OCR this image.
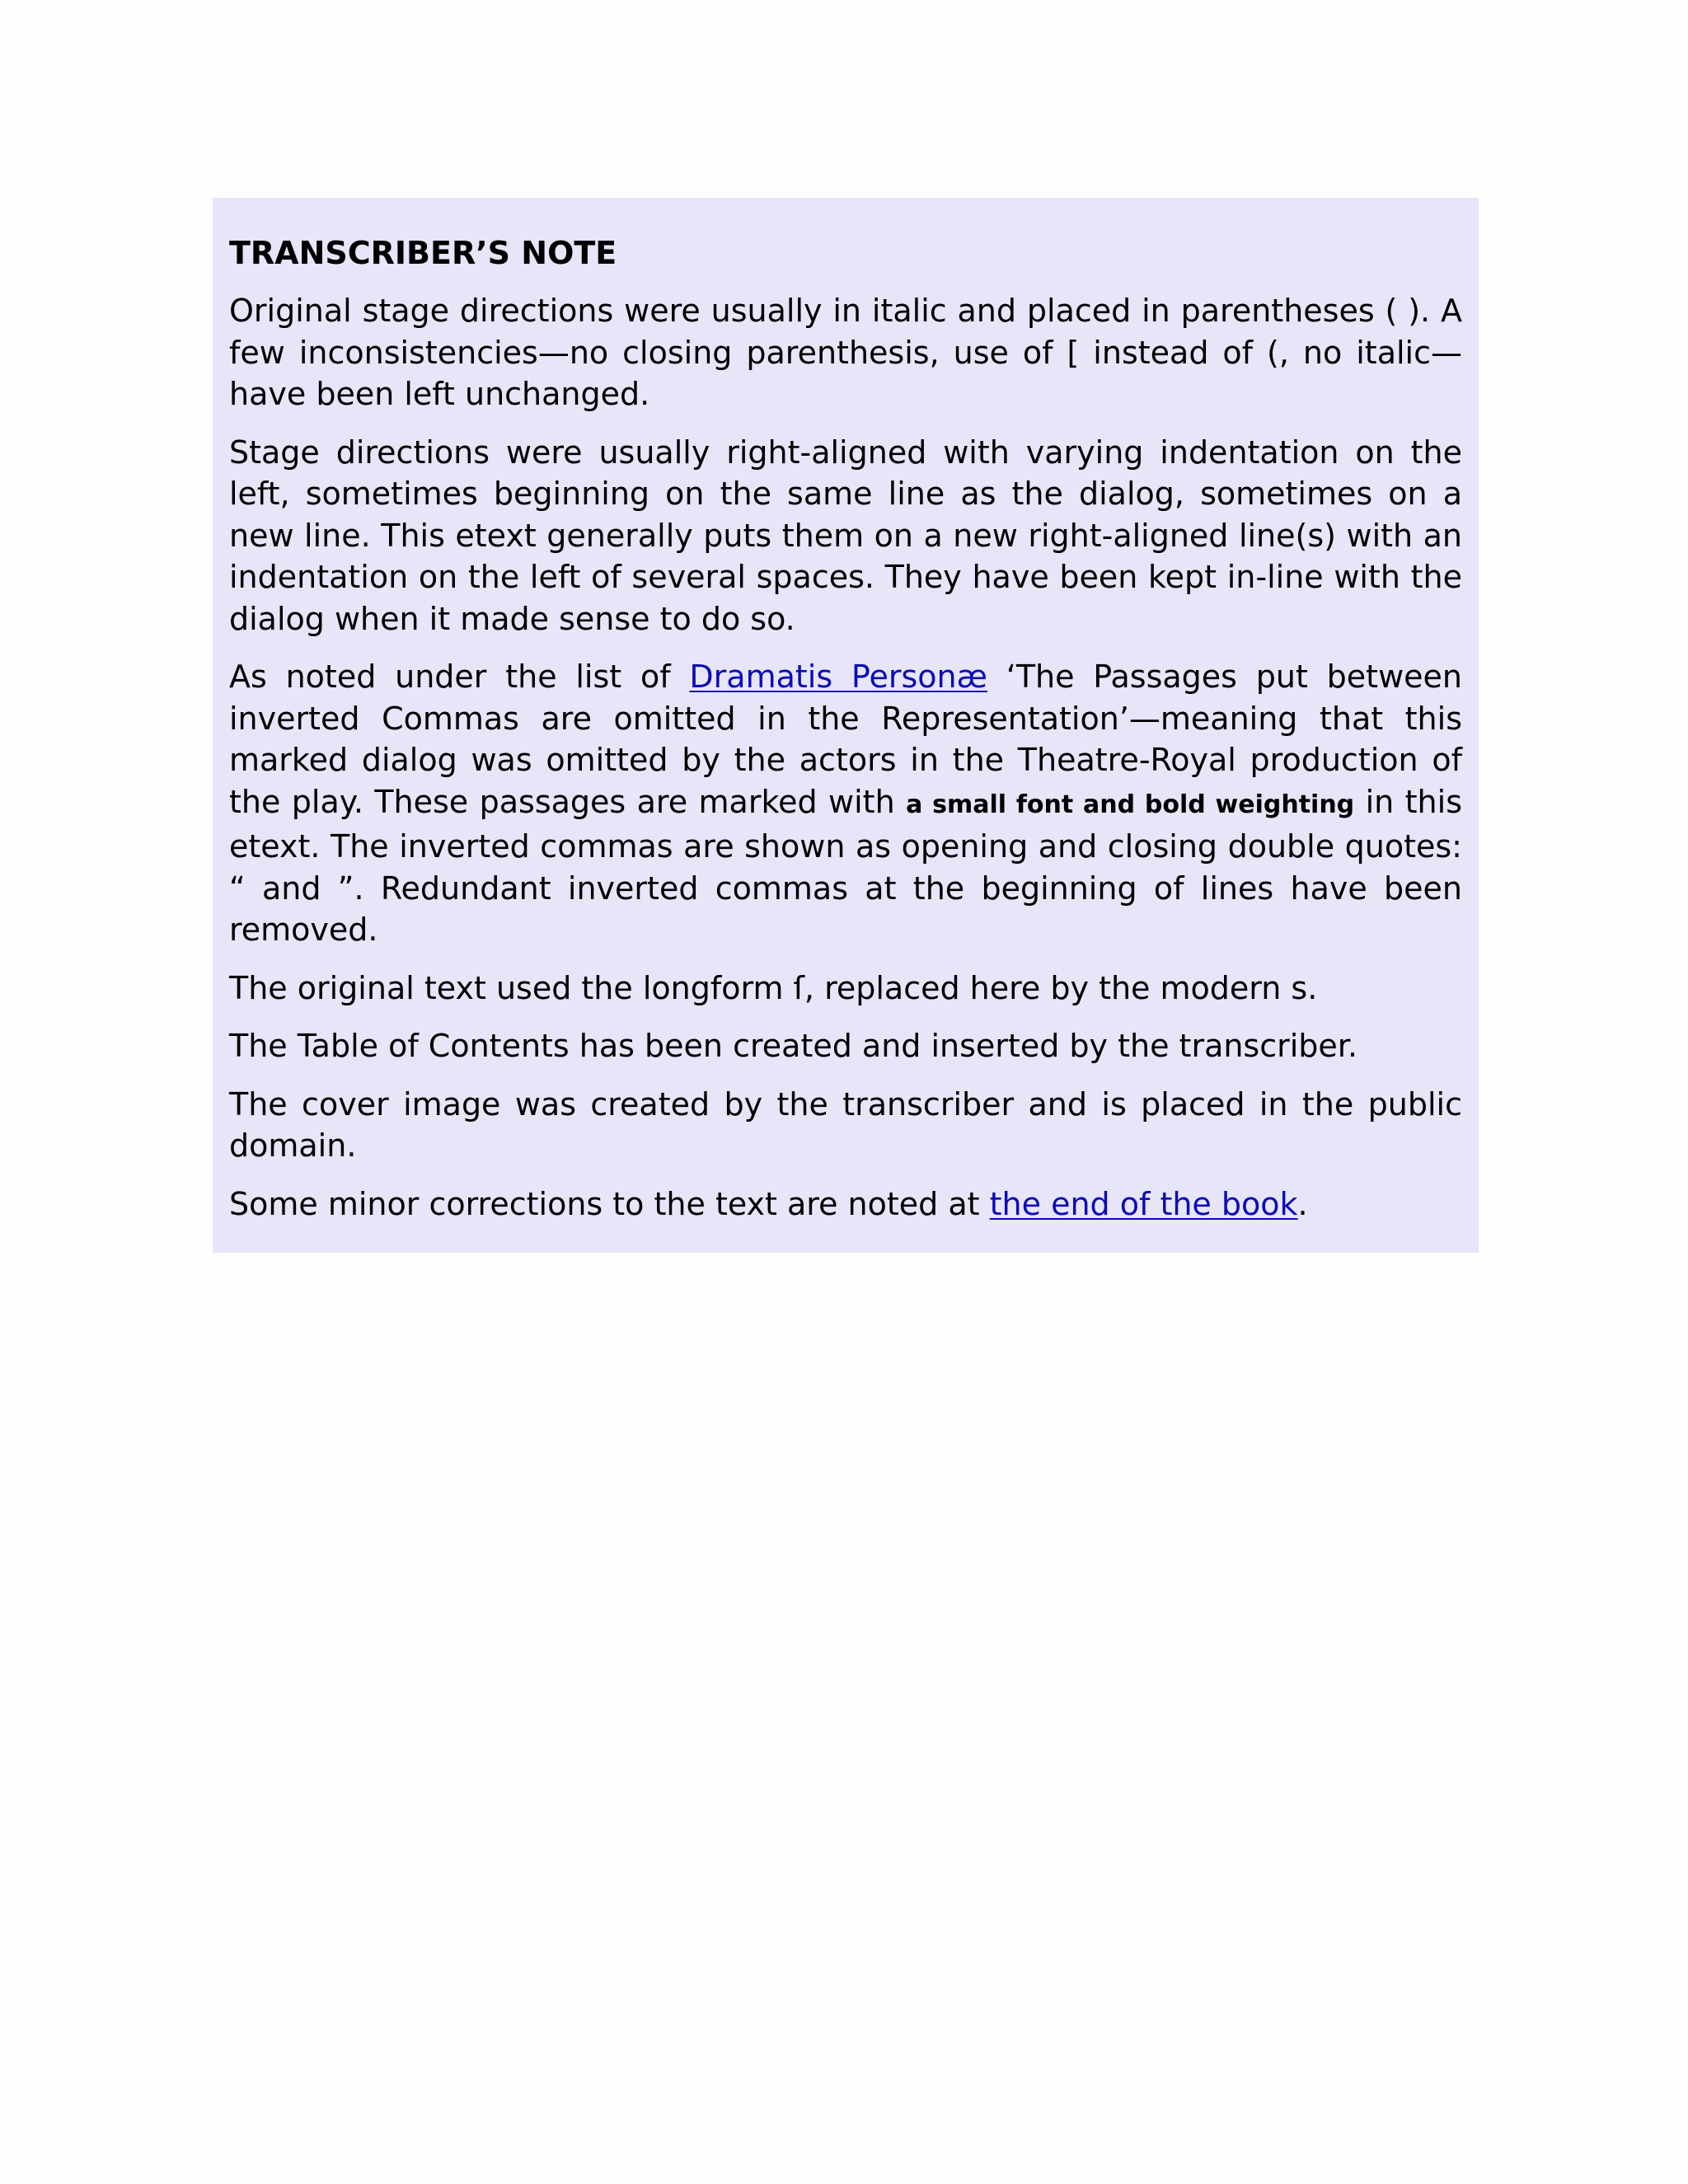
TRANSCRIBER’S NOTE

Original stage directions were usually in italic and placed in parentheses ( ). A few inconsistencies—no closing parenthesis, use of [ instead of (, no italic—have been left unchanged.

Stage directions were usually right-aligned with varying indentation on the left, sometimes beginning on the same line as the dialog, sometimes on a new line. This etext generally puts them on a new right-aligned line(s) with an indentation on the left of several spaces. They have been kept in-line with the dialog when it made sense to do so.

As noted under the list of Dramatis Personæ ‘The Passages put between inverted Commas are omitted in the Representation’—meaning that this marked dialog was omitted by the actors in the Theatre-Royal production of the play. These passages are marked with a small font and bold weighting in this etext. The inverted commas are shown as opening and closing double quotes: “ and ”. Redundant inverted commas at the beginning of lines have been removed.

The original text used the longform ſ, replaced here by the modern s.

The Table of Contents has been created and inserted by the transcriber.

The cover image was created by the transcriber and is placed in the public domain.

Some minor corrections to the text are noted at the end of the book.
